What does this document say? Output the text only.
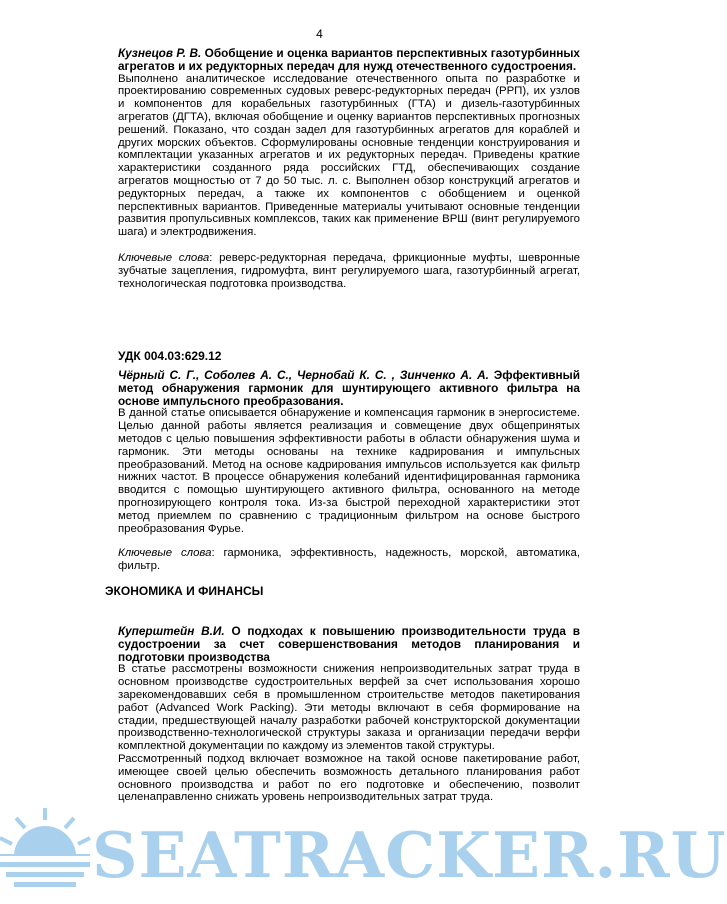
4

Кузнецов Р. В. Обобщение и оценка вариантов перспективных газотурбинных агрегатов и их редукторных передач для нужд отечественного судостроения.

Выполнено аналитическое исследование отечественного опыта по разработке и проектированию современных судовых реверс-редукторных передач (РРП), их узлов и компонентов для корабельных газотурбинных (ГТА) и дизель-газотурбинных агрегатов (ДГТА), включая обобщение и оценку вариантов перспективных прогнозных решений. Показано, что создан задел для газотурбинных агрегатов для кораблей и других морских объектов. Сформулированы основные тенденции конструирования и комплектации указанных агрегатов и их редукторных передач. Приведены краткие характеристики созданного ряда российских ГТД, обеспечивающих создание агрегатов мощностью от 7 до 50 тыс. л. с. Выполнен обзор конструкций агрегатов и редукторных передач, а также их компонентов с обобщением и оценкой перспективных вариантов. Приведенные материалы учитывают основные тенденции развития пропульсивных комплексов, таких как применение ВРШ (винт регулируемого шага) и электродвижения.

Ключевые слова: реверс-редукторная передача, фрикционные муфты, шевронные зубчатые зацепления, гидромуфта, винт регулируемого шага, газотурбинный агрегат, технологическая подготовка производства.

УДК 004.03:629.12

Чёрный С. Г., Соболев А. С., Чернобай К. С. , Зинченко А. А. Эффективный метод обнаружения гармоник для шунтирующего активного фильтра на основе импульсного преобразования.

В данной статье описывается обнаружение и компенсация гармоник в энергосистеме. Целью данной работы является реализация и совмещение двух общепринятых методов с целью повышения эффективности работы в области обнаружения шума и гармоник. Эти методы основаны на технике кадрирования и импульсных преобразований. Метод на основе кадрирования импульсов используется как фильтр нижних частот. В процессе обнаружения колебаний идентифицированная гармоника вводится с помощью шунтирующего активного фильтра, основанного на методе прогнозирующего контроля тока. Из-за быстрой переходной характеристики этот метод приемлем по сравнению с традиционным фильтром на основе быстрого преобразования Фурье.

Ключевые слова: гармоника, эффективность, надежность, морской, автоматика, фильтр.

ЭКОНОМИКА И ФИНАНСЫ

Куперштейн В.И. О подходах к повышению производительности труда в судостроении за счет совершенствования методов планирования и подготовки производства

В статье рассмотрены возможности снижения непроизводительных затрат труда в основном производстве судостроительных верфей за счет использования хорошо зарекомендовавших себя в промышленном строительстве методов пакетирования работ (Advanced Work Packing). Эти методы включают в себя формирование на стадии, предшествующей началу разработки рабочей конструкторской документации производственно-технологической структуры заказа и организации передачи верфи комплектной документации по каждому из элементов такой структуры.

Рассмотренный подход включает возможное на такой основе пакетирование работ, имеющее своей целью обеспечить возможность детального планирования работ основного производства и работ по его подготовке и обеспечению, позволит целенаправленно снижать уровень непроизводительных затрат труда.

SEATRACKER.RU
